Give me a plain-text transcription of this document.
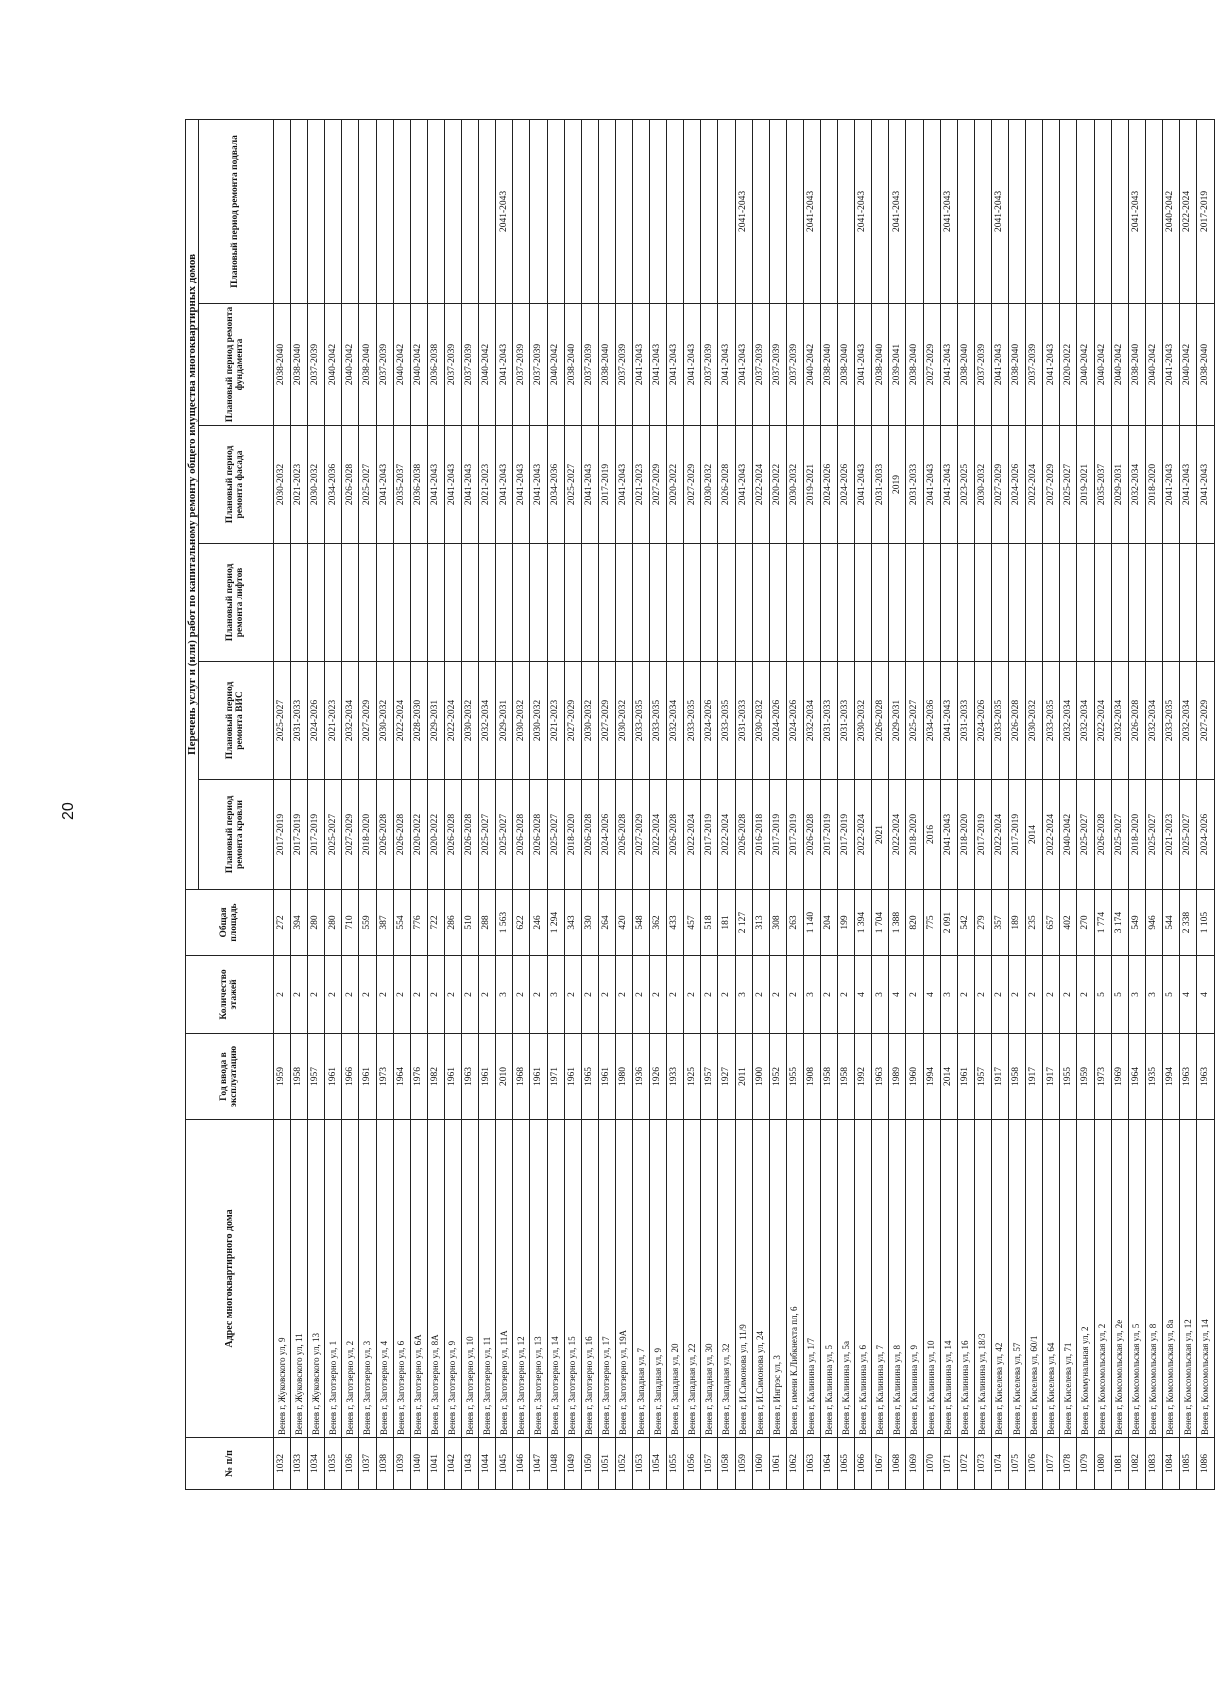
20
№ п/п	Адрес многоквартирного дома	Год ввода в эксплуатацию	Количество этажей	Общая площадь	Перечень услуг и (или) работ по капитальному ремонту общего имущества многоквартирных домов					
					Плановый период ремонта кровли	Плановый период ремонта ВИС	Плановый период ремонта лифтов	Плановый период ремонта фасада	Плановый период ремонта фундамента	Плановый период ремонта подвала
1032	Венев г, Жуковского ул, 9	1959	2	272	2017-2019	2025-2027		2030-2032	2038-2040	
1033	Венев г, Жуковского ул, 11	1958	2	394	2017-2019	2031-2033		2021-2023	2038-2040	
1034	Венев г, Жуковского ул, 13	1957	2	280	2017-2019	2024-2026		2030-2032	2037-2039	
1035	Венев г, Заготзерно ул, 1	1961	2	280	2025-2027	2021-2023		2034-2036	2040-2042	
1036	Венев г, Заготзерно ул, 2	1966	2	710	2027-2029	2032-2034		2026-2028	2040-2042	
1037	Венев г, Заготзерно ул, 3	1961	2	559	2018-2020	2027-2029		2025-2027	2038-2040	
1038	Венев г, Заготзерно ул, 4	1973	2	387	2026-2028	2030-2032		2041-2043	2037-2039	
1039	Венев г, Заготзерно ул, 6	1964	2	554	2026-2028	2022-2024		2035-2037	2040-2042	
1040	Венев г, Заготзерно ул, 6А	1976	2	776	2020-2022	2028-2030		2036-2038	2040-2042	
1041	Венев г, Заготзерно ул, 8А	1982	2	722	2020-2022	2029-2031		2041-2043	2036-2038	
1042	Венев г, Заготзерно ул, 9	1961	2	286	2026-2028	2022-2024		2041-2043	2037-2039	
1043	Венев г, Заготзерно ул, 10	1963	2	510	2026-2028	2030-2032		2041-2043	2037-2039	
1044	Венев г, Заготзерно ул, 11	1961	2	288	2025-2027	2032-2034		2021-2023	2040-2042	
1045	Венев г, Заготзерно ул, 11А	2010	3	1 563	2025-2027	2029-2031		2041-2043	2041-2043	2041-2043
1046	Венев г, Заготзерно ул, 12	1968	2	622	2026-2028	2030-2032		2041-2043	2037-2039	
1047	Венев г, Заготзерно ул, 13	1961	2	246	2026-2028	2030-2032		2041-2043	2037-2039	
1048	Венев г, Заготзерно ул, 14	1971	3	1 294	2025-2027	2021-2023		2034-2036	2040-2042	
1049	Венев г, Заготзерно ул, 15	1961	2	343	2018-2020	2027-2029		2025-2027	2038-2040	
1050	Венев г, Заготзерно ул, 16	1965	2	330	2026-2028	2030-2032		2041-2043	2037-2039	
1051	Венев г, Заготзерно ул, 17	1961	2	264	2024-2026	2027-2029		2017-2019	2038-2040	
1052	Венев г, Заготзерно ул, 19А	1980	2	420	2026-2028	2030-2032		2041-2043	2037-2039	
1053	Венев г, Западная ул, 7	1936	2	548	2027-2029	2033-2035		2021-2023	2041-2043	
1054	Венев г, Западная ул, 9	1926	2	362	2022-2024	2033-2035		2027-2029	2041-2043	
1055	Венев г, Западная ул, 20	1933	2	433	2026-2028	2032-2034		2020-2022	2041-2043	
1056	Венев г, Западная ул, 22	1925	2	457	2022-2024	2033-2035		2027-2029	2041-2043	
1057	Венев г, Западная ул, 30	1957	2	518	2017-2019	2024-2026		2030-2032	2037-2039	
1058	Венев г, Западная ул, 32	1927	2	181	2022-2024	2033-2035		2026-2028	2041-2043	
1059	Венев г, И.Симонова ул, 11/9	2011	3	2 127	2026-2028	2031-2033		2041-2043	2041-2043	2041-2043
1060	Венев г, И.Симонова ул, 24	1900	2	313	2016-2018	2030-2032		2022-2024	2037-2039	
1061	Венев г, Ингрэс ул, 3	1952	2	308	2017-2019	2024-2026		2020-2022	2037-2039	
1062	Венев г, имени К.Либкнехта пл, 6	1955	2	263	2017-2019	2024-2026		2030-2032	2037-2039	
1063	Венев г, Калинина ул, 1/7	1908	3	1 140	2026-2028	2032-2034		2019-2021	2040-2042	2041-2043
1064	Венев г, Калинина ул, 5	1958	2	204	2017-2019	2031-2033		2024-2026	2038-2040	
1065	Венев г, Калинина ул, 5а	1958	2	199	2017-2019	2031-2033		2024-2026	2038-2040	
1066	Венев г, Калинина ул, 6	1992	4	1 394	2022-2024	2030-2032		2041-2043	2041-2043	2041-2043
1067	Венев г, Калинина ул, 7	1963	3	1 704	2021	2026-2028		2031-2033	2038-2040	
1068	Венев г, Калинина ул, 8	1989	4	1 388	2022-2024	2029-2031		2019	2039-2041	2041-2043
1069	Венев г, Калинина ул, 9	1960	2	820	2018-2020	2025-2027		2031-2033	2038-2040	
1070	Венев г, Калинина ул, 10	1994	4	775	2016	2034-2036		2041-2043	2027-2029	
1071	Венев г, Калинина ул, 14	2014	3	2 091	2041-2043	2041-2043		2041-2043	2041-2043	2041-2043
1072	Венев г, Калинина ул, 16	1961	2	542	2018-2020	2031-2033		2023-2025	2038-2040	
1073	Венев г, Калинина ул, 18/3	1957	2	279	2017-2019	2024-2026		2030-2032	2037-2039	
1074	Венев г, Киселева ул, 42	1917	2	357	2022-2024	2033-2035		2027-2029	2041-2043	2041-2043
1075	Венев г, Киселева ул, 57	1958	2	189	2017-2019	2026-2028		2024-2026	2038-2040	
1076	Венев г, Киселева ул, 60/1	1917	2	235	2014	2030-2032		2022-2024	2037-2039	
1077	Венев г, Киселева ул, 64	1917	2	657	2022-2024	2033-2035		2027-2029	2041-2043	
1078	Венев г, Киселева ул, 71	1955	2	402	2040-2042	2032-2034		2025-2027	2020-2022	
1079	Венев г, Коммунальная ул, 2	1959	2	270	2025-2027	2032-2034		2019-2021	2040-2042	
1080	Венев г, Комсомольская ул, 2	1973	5	1 774	2026-2028	2022-2024		2035-2037	2040-2042	
1081	Венев г, Комсомольская ул, 2е	1969	5	3 174	2025-2027	2032-2034		2029-2031	2040-2042	
1082	Венев г, Комсомольская ул, 5	1964	3	549	2018-2020	2026-2028		2032-2034	2038-2040	2041-2043
1083	Венев г, Комсомольская ул, 8	1935	3	946	2025-2027	2032-2034		2018-2020	2040-2042	
1084	Венев г, Комсомольская ул, 8а	1994	5	544	2021-2023	2033-2035		2041-2043	2041-2043	2040-2042
1085	Венев г, Комсомольская ул, 12	1963	4	2 338	2025-2027	2032-2034		2041-2043	2040-2042	2022-2024
1086	Венев г, Комсомольская ул, 14	1963	4	1 105	2024-2026	2027-2029		2041-2043	2038-2040	2017-2019
